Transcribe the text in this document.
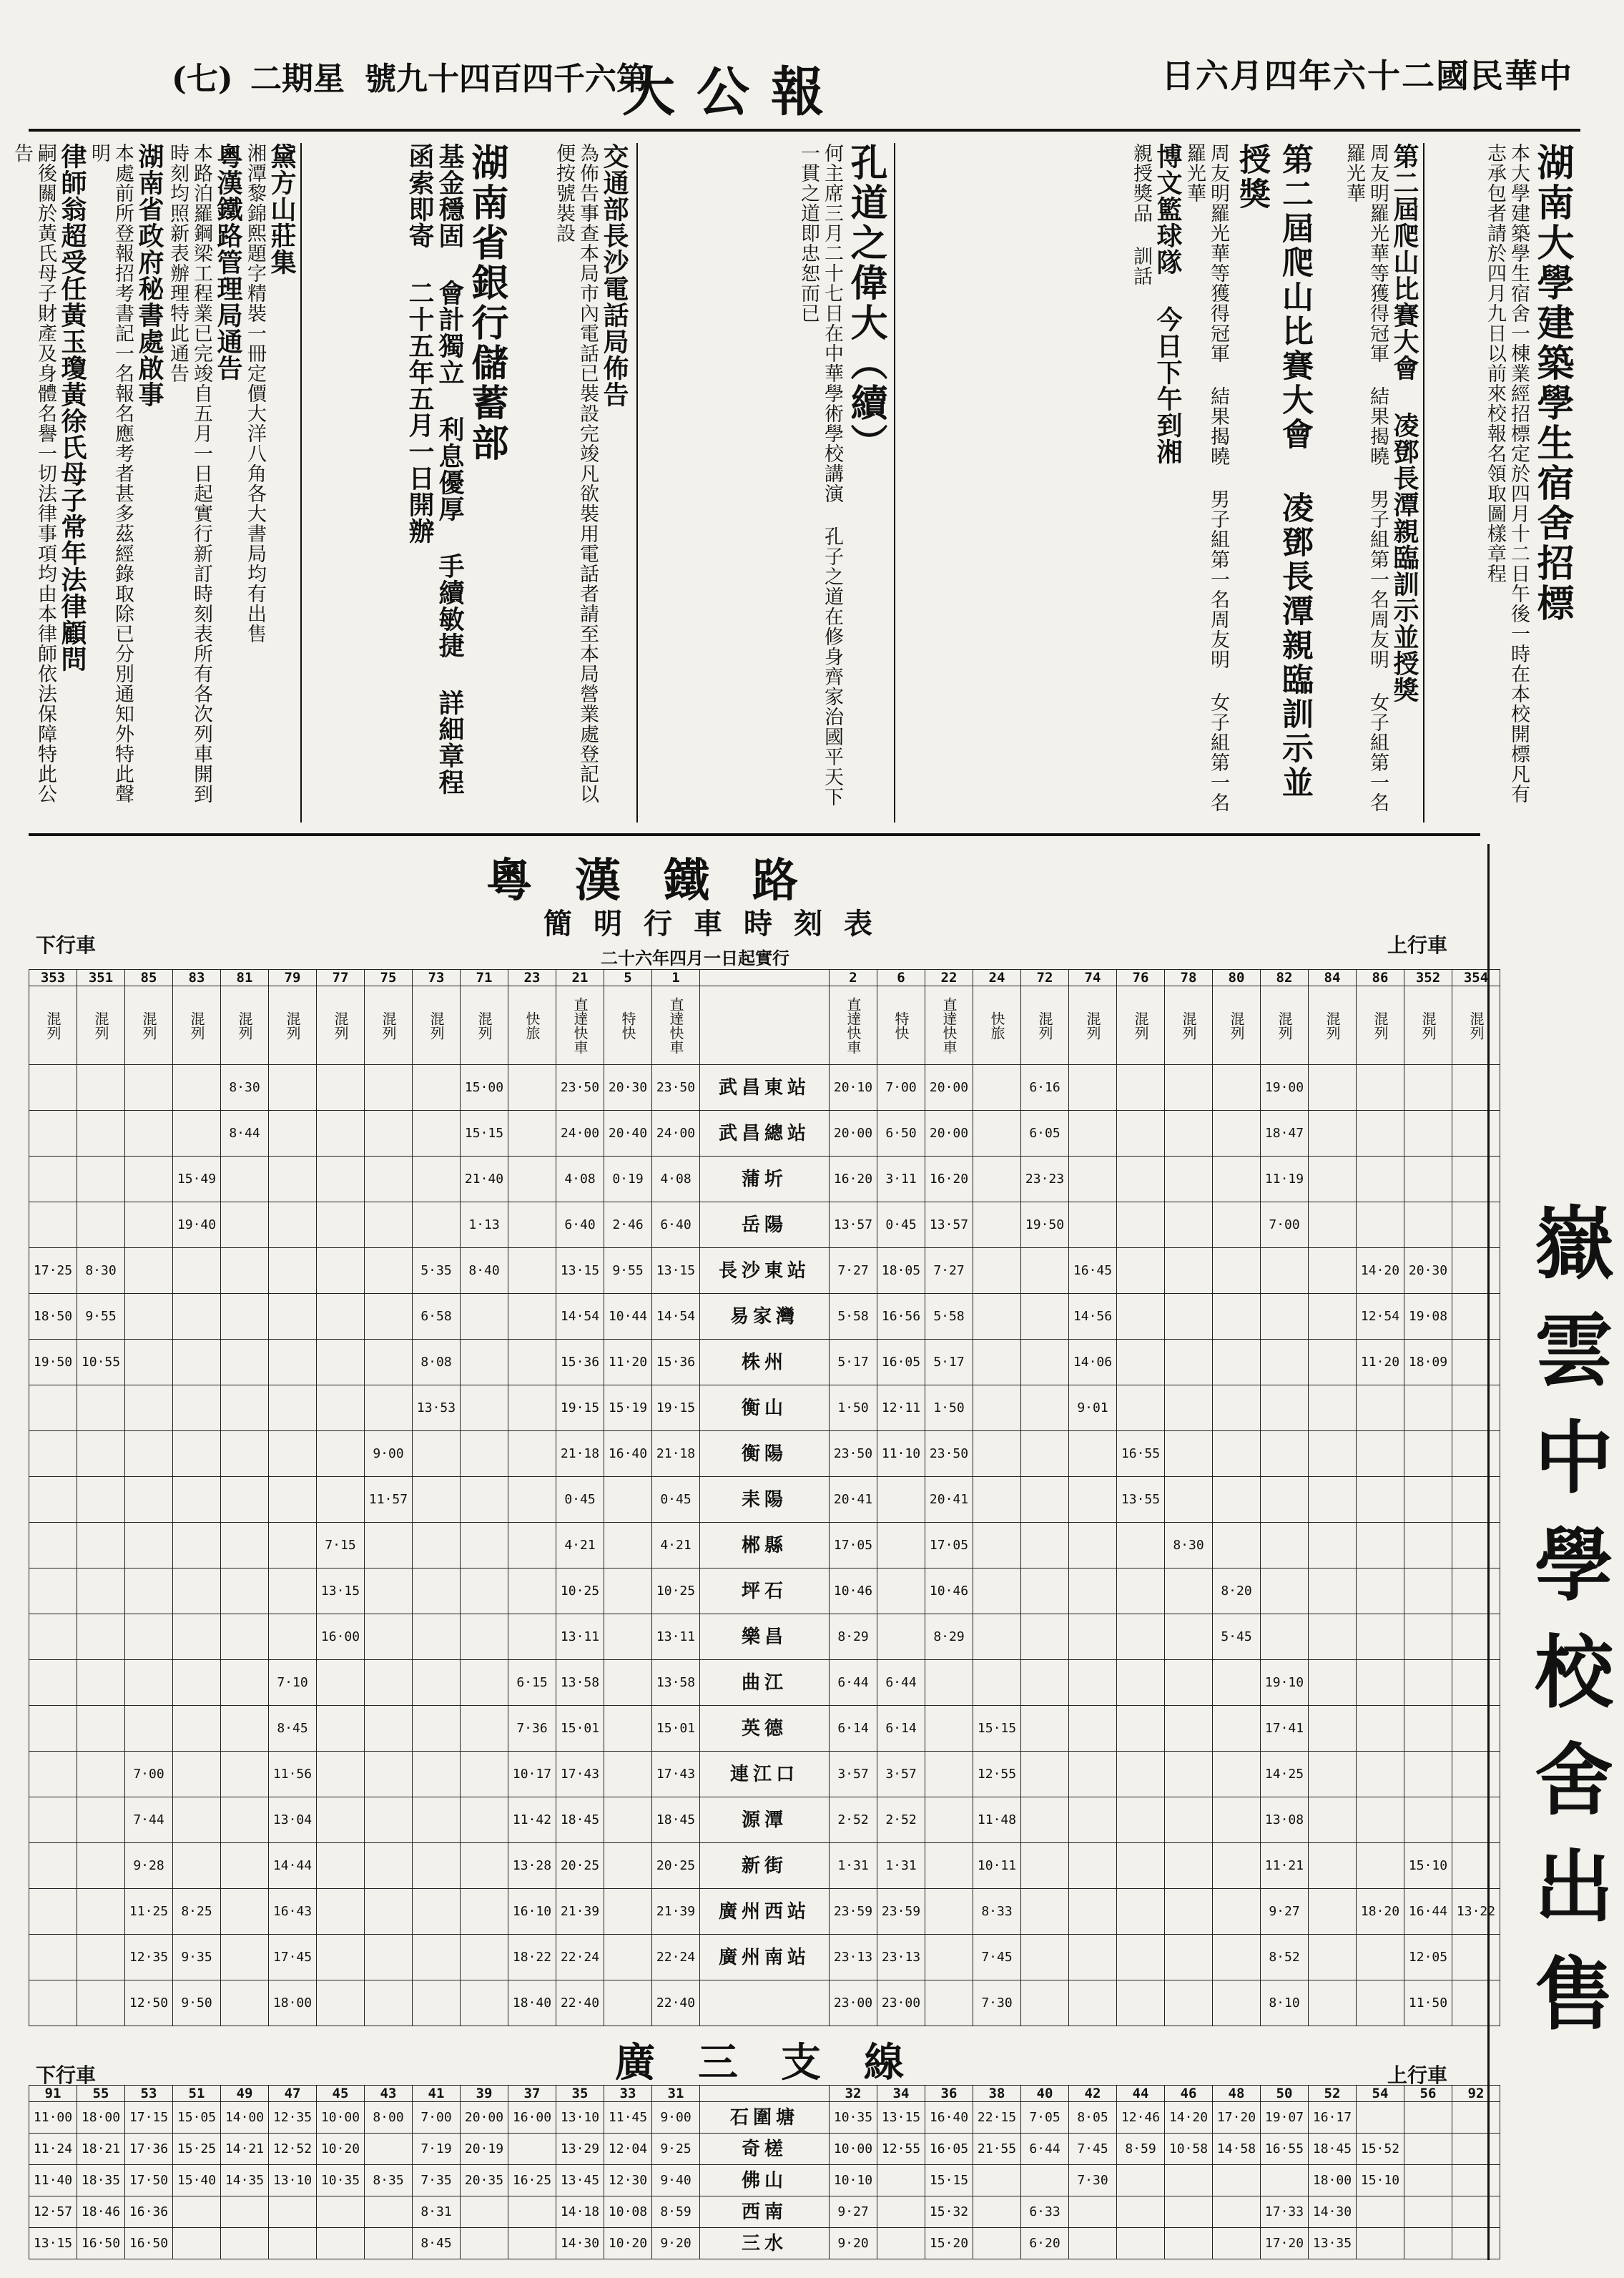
日六月四年六十二國民華中
大公報
號九十四百四千六第
二期星
(七)

湖南大學建築學生宿舍招標

本大學建築學生宿舍一棟業經招標定於四月十二日午後一時在本校開標凡有志承包者請於四月九日以前來校報名領取圖樣章程

第二屆爬山比賽大會 凌鄧長潭親臨訓示並授獎

周友明羅光華等獲得冠軍 結果揭曉 男子組第一名周友明 女子組第一名羅光華

第二屆爬山比賽大會 凌鄧長潭親臨訓示並授獎

周友明羅光華等獲得冠軍 結果揭曉 男子組第一名周友明 女子組第一名羅光華

博文籃球隊 今日下午到湘

親授獎品 訓話

孔道之偉大（續）

何主席三月二十七日在中華學術學校講演 孔子之道在修身齊家治國平天下一貫之道即忠恕而已

交通部長沙電話局佈告

為佈告事查本局市內電話已裝設完竣凡欲裝用電話者請至本局營業處登記以便按號裝設

湖南省銀行儲蓄部

基金穩固 會計獨立 利息優厚 手續敏捷 詳細章程 函索即寄 二十五年五月一日開辦

黛方山莊集

湘潭黎錦熙題字精裝一冊定價大洋八角各大書局均有出售

粵漢鐵路管理局通告

本路泊羅鋼梁工程業已完竣自五月一日起實行新訂時刻表所有各次列車開到時刻均照新表辦理特此通告

湖南省政府秘書處啟事

本處前所登報招考書記一名報名應考者甚多茲經錄取除已分別通知外特此聲明

律師翁超受任黃玉瓊黃徐氏母子常年法律顧問

嗣後關於黃氏母子財產及身體名譽一切法律事項均由本律師依法保障特此公告

粵漢鐵路
簡明行車時刻表
二十六年四月一日起實行
下行車	上行車
353	351	85	83	81	79	77	75	73	71	23	21	5	1		2	6	22	24	72	74	76	78	80	82	84	86	352	354
混列	混列	混列	混列	混列	混列	混列	混列	混列	混列	快旅	直達快車	特快	直達快車		直達快車	特快	直達快車	快旅	混列	混列	混列	混列	混列	混列	混列	混列	混列	混列
				8·30					15·00		23·50	20·30	23·50	武昌東站	20·10	7·00	20·00		6·16					19·00				
				8·44					15·15		24·00	20·40	24·00	武昌總站	20·00	6·50	20·00		6·05					18·47				
			15·49						21·40		4·08	0·19	4·08	蒲圻	16·20	3·11	16·20		23·23					11·19				
			19·40						1·13		6·40	2·46	6·40	岳陽	13·57	0·45	13·57		19·50					7·00				
17·25	8·30							5·35	8·40		13·15	9·55	13·15	長沙東站	7·27	18·05	7·27			16·45						14·20	20·30	
18·50	9·55							6·58			14·54	10·44	14·54	易家灣	5·58	16·56	5·58			14·56						12·54	19·08	
19·50	10·55							8·08			15·36	11·20	15·36	株州	5·17	16·05	5·17			14·06						11·20	18·09	
								13·53			19·15	15·19	19·15	衡山	1·50	12·11	1·50			9·01								
							9·00				21·18	16·40	21·18	衡陽	23·50	11·10	23·50				16·55							
							11·57				0·45		0·45	耒陽	20·41		20·41				13·55							
						7·15					4·21		4·21	郴縣	17·05		17·05					8·30						
						13·15					10·25		10·25	坪石	10·46		10·46						8·20					
						16·00					13·11		13·11	樂昌	8·29		8·29						5·45					
					7·10					6·15	13·58		13·58	曲江	6·44	6·44								19·10				
					8·45					7·36	15·01		15·01	英德	6·14	6·14		15·15						17·41				
		7·00			11·56					10·17	17·43		17·43	連江口	3·57	3·57		12·55						14·25				
		7·44			13·04					11·42	18·45		18·45	源潭	2·52	2·52		11·48						13·08				
		9·28			14·44					13·28	20·25		20·25	新街	1·31	1·31		10·11						11·21			15·10	
		11·25	8·25		16·43					16·10	21·39		21·39	廣州西站	23·59	23·59		8·33						9·27		18·20	16·44	13·22
		12·35	9·35		17·45					18·22	22·24		22·24	廣州南站	23·13	23·13		7·45						8·52			12·05	
		12·50	9·50		18·00					18·40	22·40		22·40		23·00	23·00		7·30						8·10			11·50	
廣三支線
下行車	上行車
91	55	53	51	49	47	45	43	41	39	37	35	33	31		32	34	36	38	40	42	44	46	48	50	52	54	56	92
11·00	18·00	17·15	15·05	14·00	12·35	10·00	8·00	7·00	20·00	16·00	13·10	11·45	9·00	石圍塘	10·35	13·15	16·40	22·15	7·05	8·05	12·46	14·20	17·20	19·07	16·17			
11·24	18·21	17·36	15·25	14·21	12·52	10·20		7·19	20·19		13·29	12·04	9·25	奇槎	10·00	12·55	16·05	21·55	6·44	7·45	8·59	10·58	14·58	16·55	18·45	15·52		
11·40	18·35	17·50	15·40	14·35	13·10	10·35	8·35	7·35	20·35	16·25	13·45	12·30	9·40	佛山	10·10		15·15			7·30					18·00	15·10		
12·57	18·46	16·36						8·31			14·18	10·08	8·59	西南	9·27		15·32		6·33					17·33	14·30			
13·15	16·50	16·50						8·45			14·30	10·20	9·20	三水	9·20		15·20		6·20					17·20	13·35			
嶽雲中學校舍出售
